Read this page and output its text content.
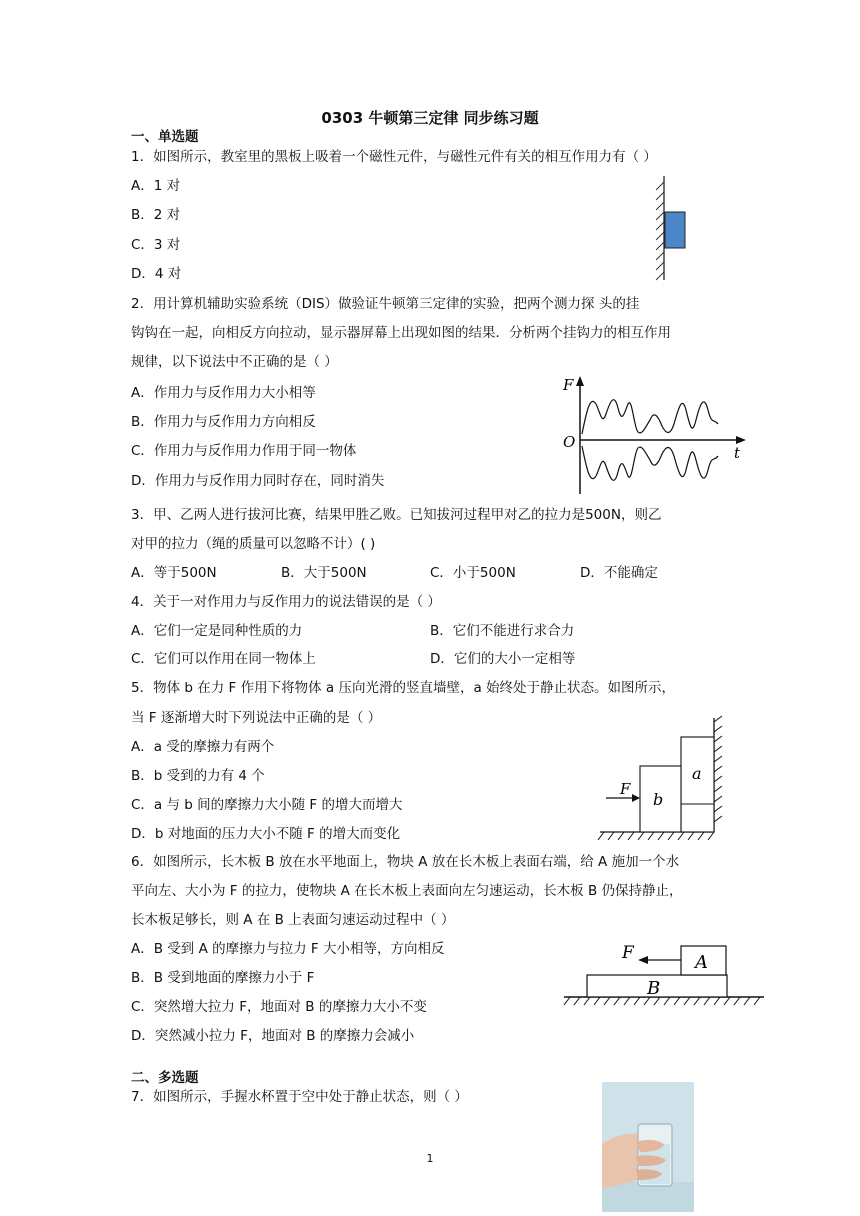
0303 牛顿第三定律 同步练习题
一、单选题
1．如图所示，教室里的黑板上吸着一个磁性元件，与磁性元件有关的相互作用力有（ ）
A．1 对
B．2 对
C．3 对
D．4 对
2．用计算机辅助实验系统（DIS）做验证牛顿第三定律的实验，把两个测力探 头的挂
钩钩在一起，向相反方向拉动，显示器屏幕上出现如图的结果．分析两个挂钩力的相互作用
规律，以下说法中不正确的是（ ）
A．作用力与反作用力大小相等
B．作用力与反作用力方向相反
C．作用力与反作用力作用于同一物体
D．作用力与反作用力同时存在，同时消失
F
O
t
3．甲、乙两人进行拔河比赛，结果甲胜乙败。已知拔河过程甲对乙的拉力是500N，则乙
对甲的拉力（绳的质量可以忽略不计）( )
A．等于500N	B．大于500N	C．小于500N	D．不能确定
4．关于一对作用力与反作用力的说法错误的是（ ）
A．它们一定是同种性质的力	B．它们不能进行求合力
C．它们可以作用在同一物体上	D．它们的大小一定相等
5．物体 b 在力 F 作用下将物体 a 压向光滑的竖直墙壁，a 始终处于静止状态。如图所示，
当 F 逐渐增大时下列说法中正确的是（ ）
A．a 受的摩擦力有两个
B．b 受到的力有 4 个
C．a 与 b 间的摩擦力大小随 F 的增大而增大
D．b 对地面的压力大小不随 F 的增大而变化
F
b
a
6．如图所示，长木板 B 放在水平地面上，物块 A 放在长木板上表面右端，给 A 施加一个水
平向左、大小为 F 的拉力，使物块 A 在长木板上表面向左匀速运动，长木板 B 仍保持静止，
长木板足够长，则 A 在 B 上表面匀速运动过程中（ ）
A．B 受到 A 的摩擦力与拉力 F 大小相等，方向相反
B．B 受到地面的摩擦力小于 F
C．突然增大拉力 F，地面对 B 的摩擦力大小不变
D．突然减小拉力 F，地面对 B 的摩擦力会减小
F	A
B
二、多选题
7．如图所示，手握水杯置于空中处于静止状态，则（ ）
1
